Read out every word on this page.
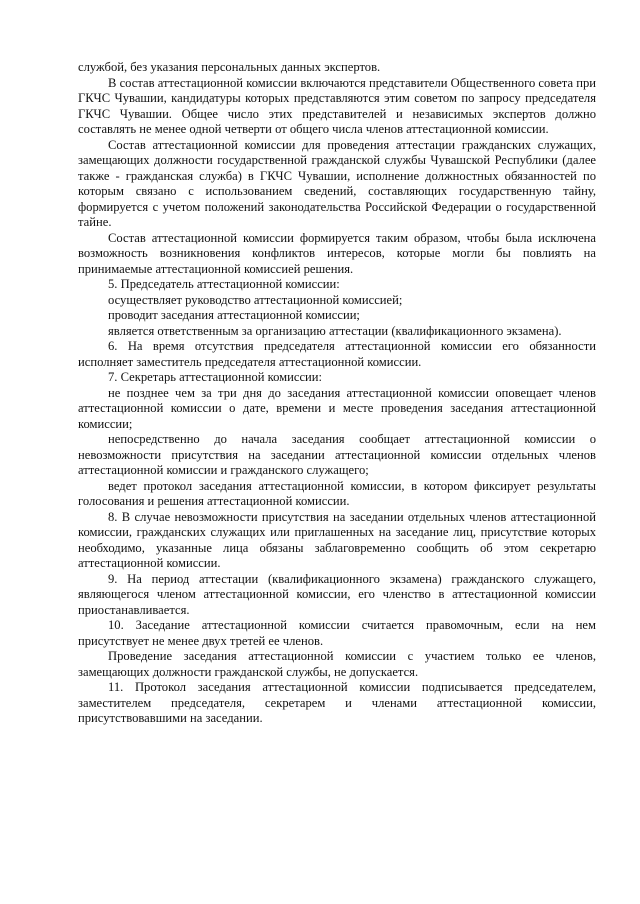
службой, без указания персональных данных экспертов.

В состав аттестационной комиссии включаются представители Общественного совета при ГКЧС Чувашии, кандидатуры которых представляются этим советом по запросу председателя ГКЧС Чувашии. Общее число этих представителей и независимых экспертов должно составлять не менее одной четверти от общего числа членов аттестационной комиссии.

Состав аттестационной комиссии для проведения аттестации гражданских служащих, замещающих должности государственной гражданской службы Чувашской Республики (далее также - гражданская служба) в ГКЧС Чувашии, исполнение должностных обязанностей по которым связано с использованием сведений, составляющих государственную тайну, формируется с учетом положений законодательства Российской Федерации о государственной тайне.

Состав аттестационной комиссии формируется таким образом, чтобы была исключена возможность возникновения конфликтов интересов, которые могли бы повлиять на принимаемые аттестационной комиссией решения.

5. Председатель аттестационной комиссии:

осуществляет руководство аттестационной комиссией;

проводит заседания аттестационной комиссии;

является ответственным за организацию аттестации (квалификационного экзамена).

6. На время отсутствия председателя аттестационной комиссии его обязанности исполняет заместитель председателя аттестационной комиссии.

7. Секретарь аттестационной комиссии:

не позднее чем за три дня до заседания аттестационной комиссии оповещает членов аттестационной комиссии о дате, времени и месте проведения заседания аттестационной комиссии;

непосредственно до начала заседания сообщает аттестационной комиссии о невозможности присутствия на заседании аттестационной комиссии отдельных членов аттестационной комиссии и гражданского служащего;

ведет протокол заседания аттестационной комиссии, в котором фиксирует результаты голосования и решения аттестационной комиссии.

8. В случае невозможности присутствия на заседании отдельных членов аттестационной комиссии, гражданских служащих или приглашенных на заседание лиц, присутствие которых необходимо, указанные лица обязаны заблаговременно сообщить об этом секретарю аттестационной комиссии.

9. На период аттестации (квалификационного экзамена) гражданского служащего, являющегося членом аттестационной комиссии, его членство в аттестационной комиссии приостанавливается.

10. Заседание аттестационной комиссии считается правомочным, если на нем присутствует не менее двух третей ее членов.

Проведение заседания аттестационной комиссии с участием только ее членов, замещающих должности гражданской службы, не допускается.

11. Протокол заседания аттестационной комиссии подписывается председателем, заместителем председателя, секретарем и членами аттестационной комиссии, присутствовавшими на заседании.
